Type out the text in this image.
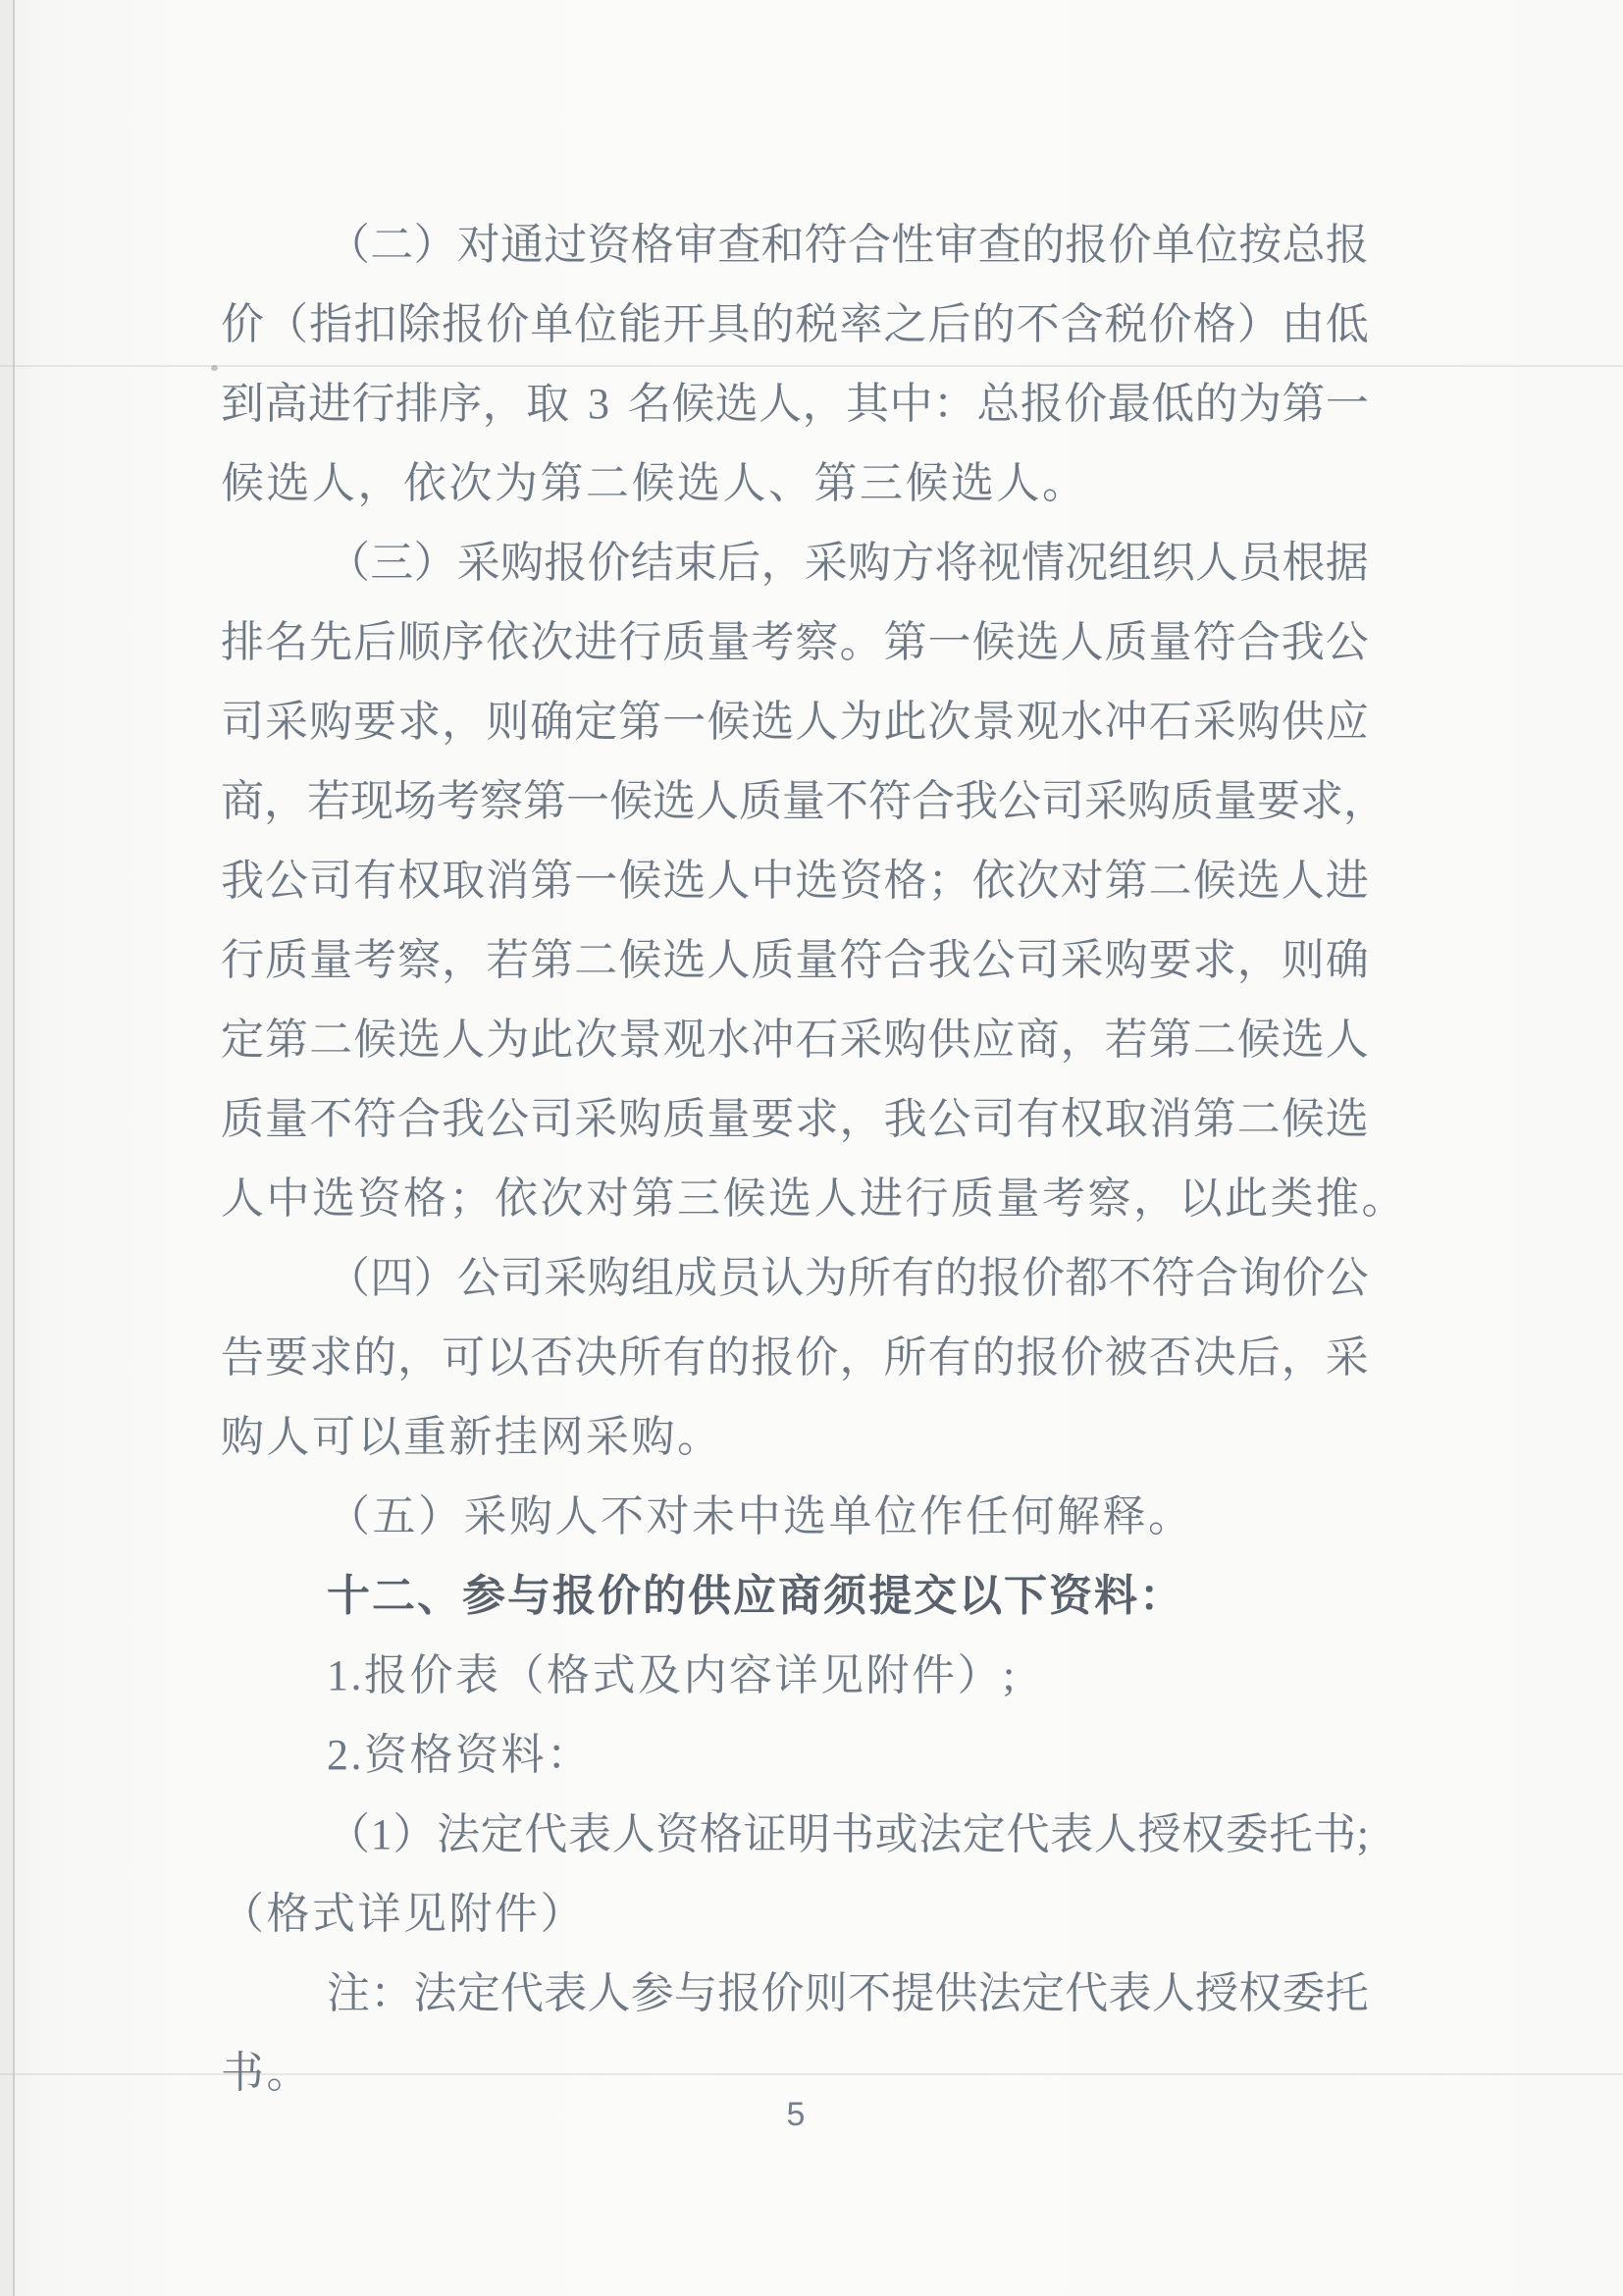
（ 二 ） 对 通 过 资 格 审 查 和 符 合 性 审 查 的 报 价 单 位 按 总 报
价 （ 指 扣 除 报 价 单 位 能 开 具 的 税 率 之 后 的 不 含 税 价 格 ） 由 低
到 高 进 行 排 序 ， 取
3
名 候 选 人 ， 其 中 ： 总 报 价 最 低 的 为 第 一
候选人，依次为第二候选人、第三候选人。
（ 三 ） 采 购 报 价 结 束 后 ， 采 购 方 将 视 情 况 组 织 人 员 根 据
排 名 先 后 顺 序 依 次 进 行 质 量 考 察 。 第 一 候 选 人 质 量 符 合 我 公
司 采 购 要 求 ， 则 确 定 第 一 候 选 人 为 此 次 景 观 水 冲 石 采 购 供 应
商 ， 若 现 场 考 察 第 一 候 选 人 质 量 不 符 合 我 公 司 采 购 质 量 要 求 ，
我 公 司 有 权 取 消 第 一 候 选 人 中 选 资 格 ； 依 次 对 第 二 候 选 人 进
行 质 量 考 察 ， 若 第 二 候 选 人 质 量 符 合 我 公 司 采 购 要 求 ， 则 确
定 第 二 候 选 人 为 此 次 景 观 水 冲 石 采 购 供 应 商 ， 若 第 二 候 选 人
质 量 不 符 合 我 公 司 采 购 质 量 要 求 ， 我 公 司 有 权 取 消 第 二 候 选
人中选资格；依次对第三候选人进行质量考察，以此类推。
（ 四 ） 公 司 采 购 组 成 员 认 为 所 有 的 报 价 都 不 符 合 询 价 公
告 要 求 的 ， 可 以 否 决 所 有 的 报 价 ， 所 有 的 报 价 被 否 决 后 ， 采
购人可以重新挂网采购。
（五）采购人不对未中选单位作任何解释。
十二、参与报价的供应商须提交以下资料：
1.报价表（格式及内容详见附件）;
2.资格资料：
（ 1 ） 法 定 代 表 人 资 格 证 明 书 或 法 定 代 表 人 授 权 委 托 书 ;
（格式详见附件）
注 ： 法 定 代 表 人 参 与 报 价 则 不 提 供 法 定 代 表 人 授 权 委 托
书。
5
